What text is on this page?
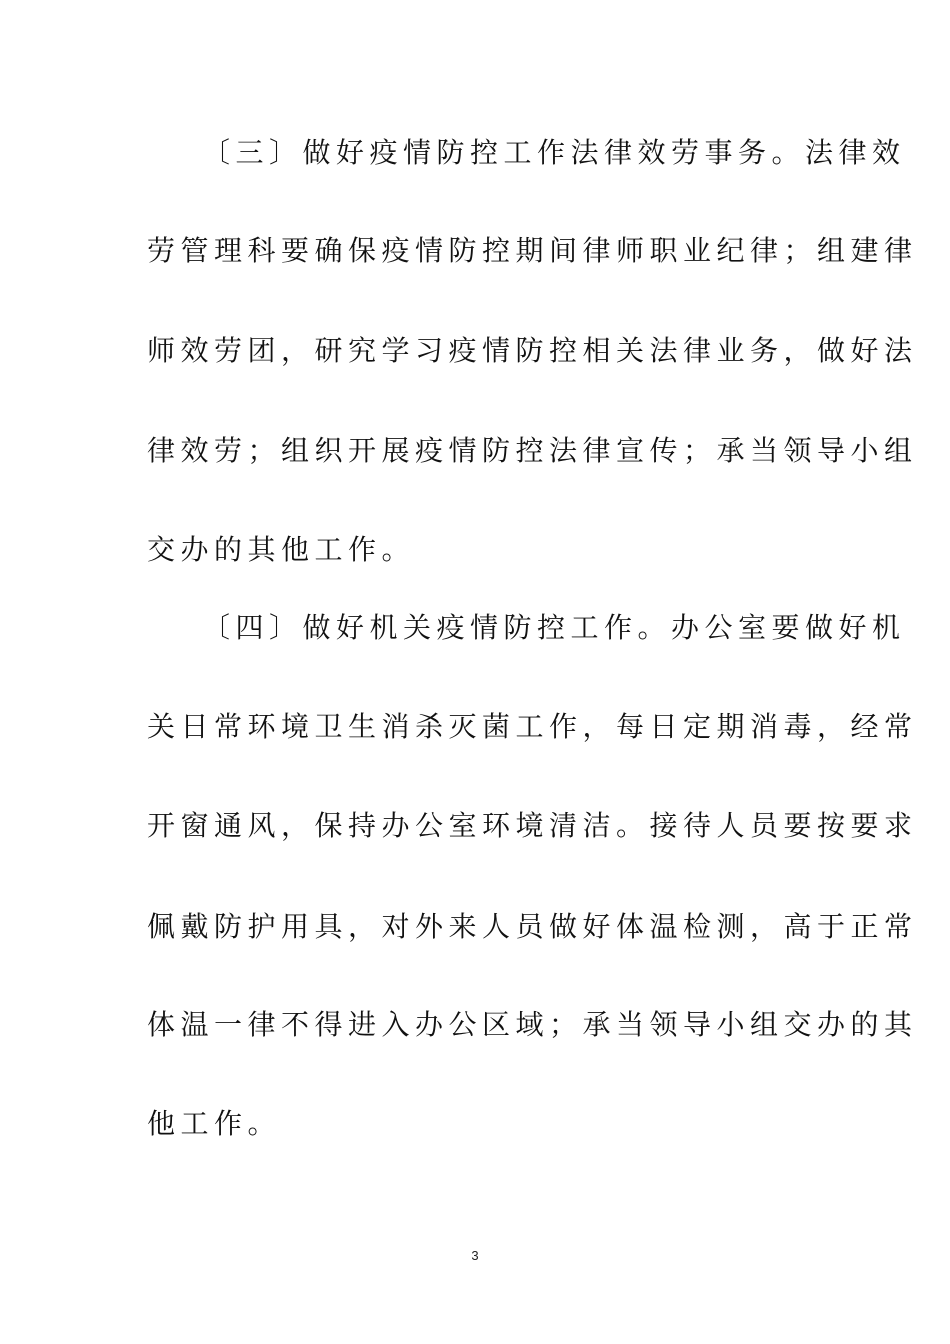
〔三〕做好疫情防控工作法律效劳事务。法律效
劳管理科要确保疫情防控期间律师职业纪律；组建律
师效劳团，研究学习疫情防控相关法律业务，做好法
律效劳；组织开展疫情防控法律宣传；承当领导小组
交办的其他工作。
〔四〕做好机关疫情防控工作。办公室要做好机
关日常环境卫生消杀灭菌工作，每日定期消毒，经常
开窗通风，保持办公室环境清洁。接待人员要按要求
佩戴防护用具，对外来人员做好体温检测，高于正常
体温一律不得进入办公区域；承当领导小组交办的其
他工作。
3
